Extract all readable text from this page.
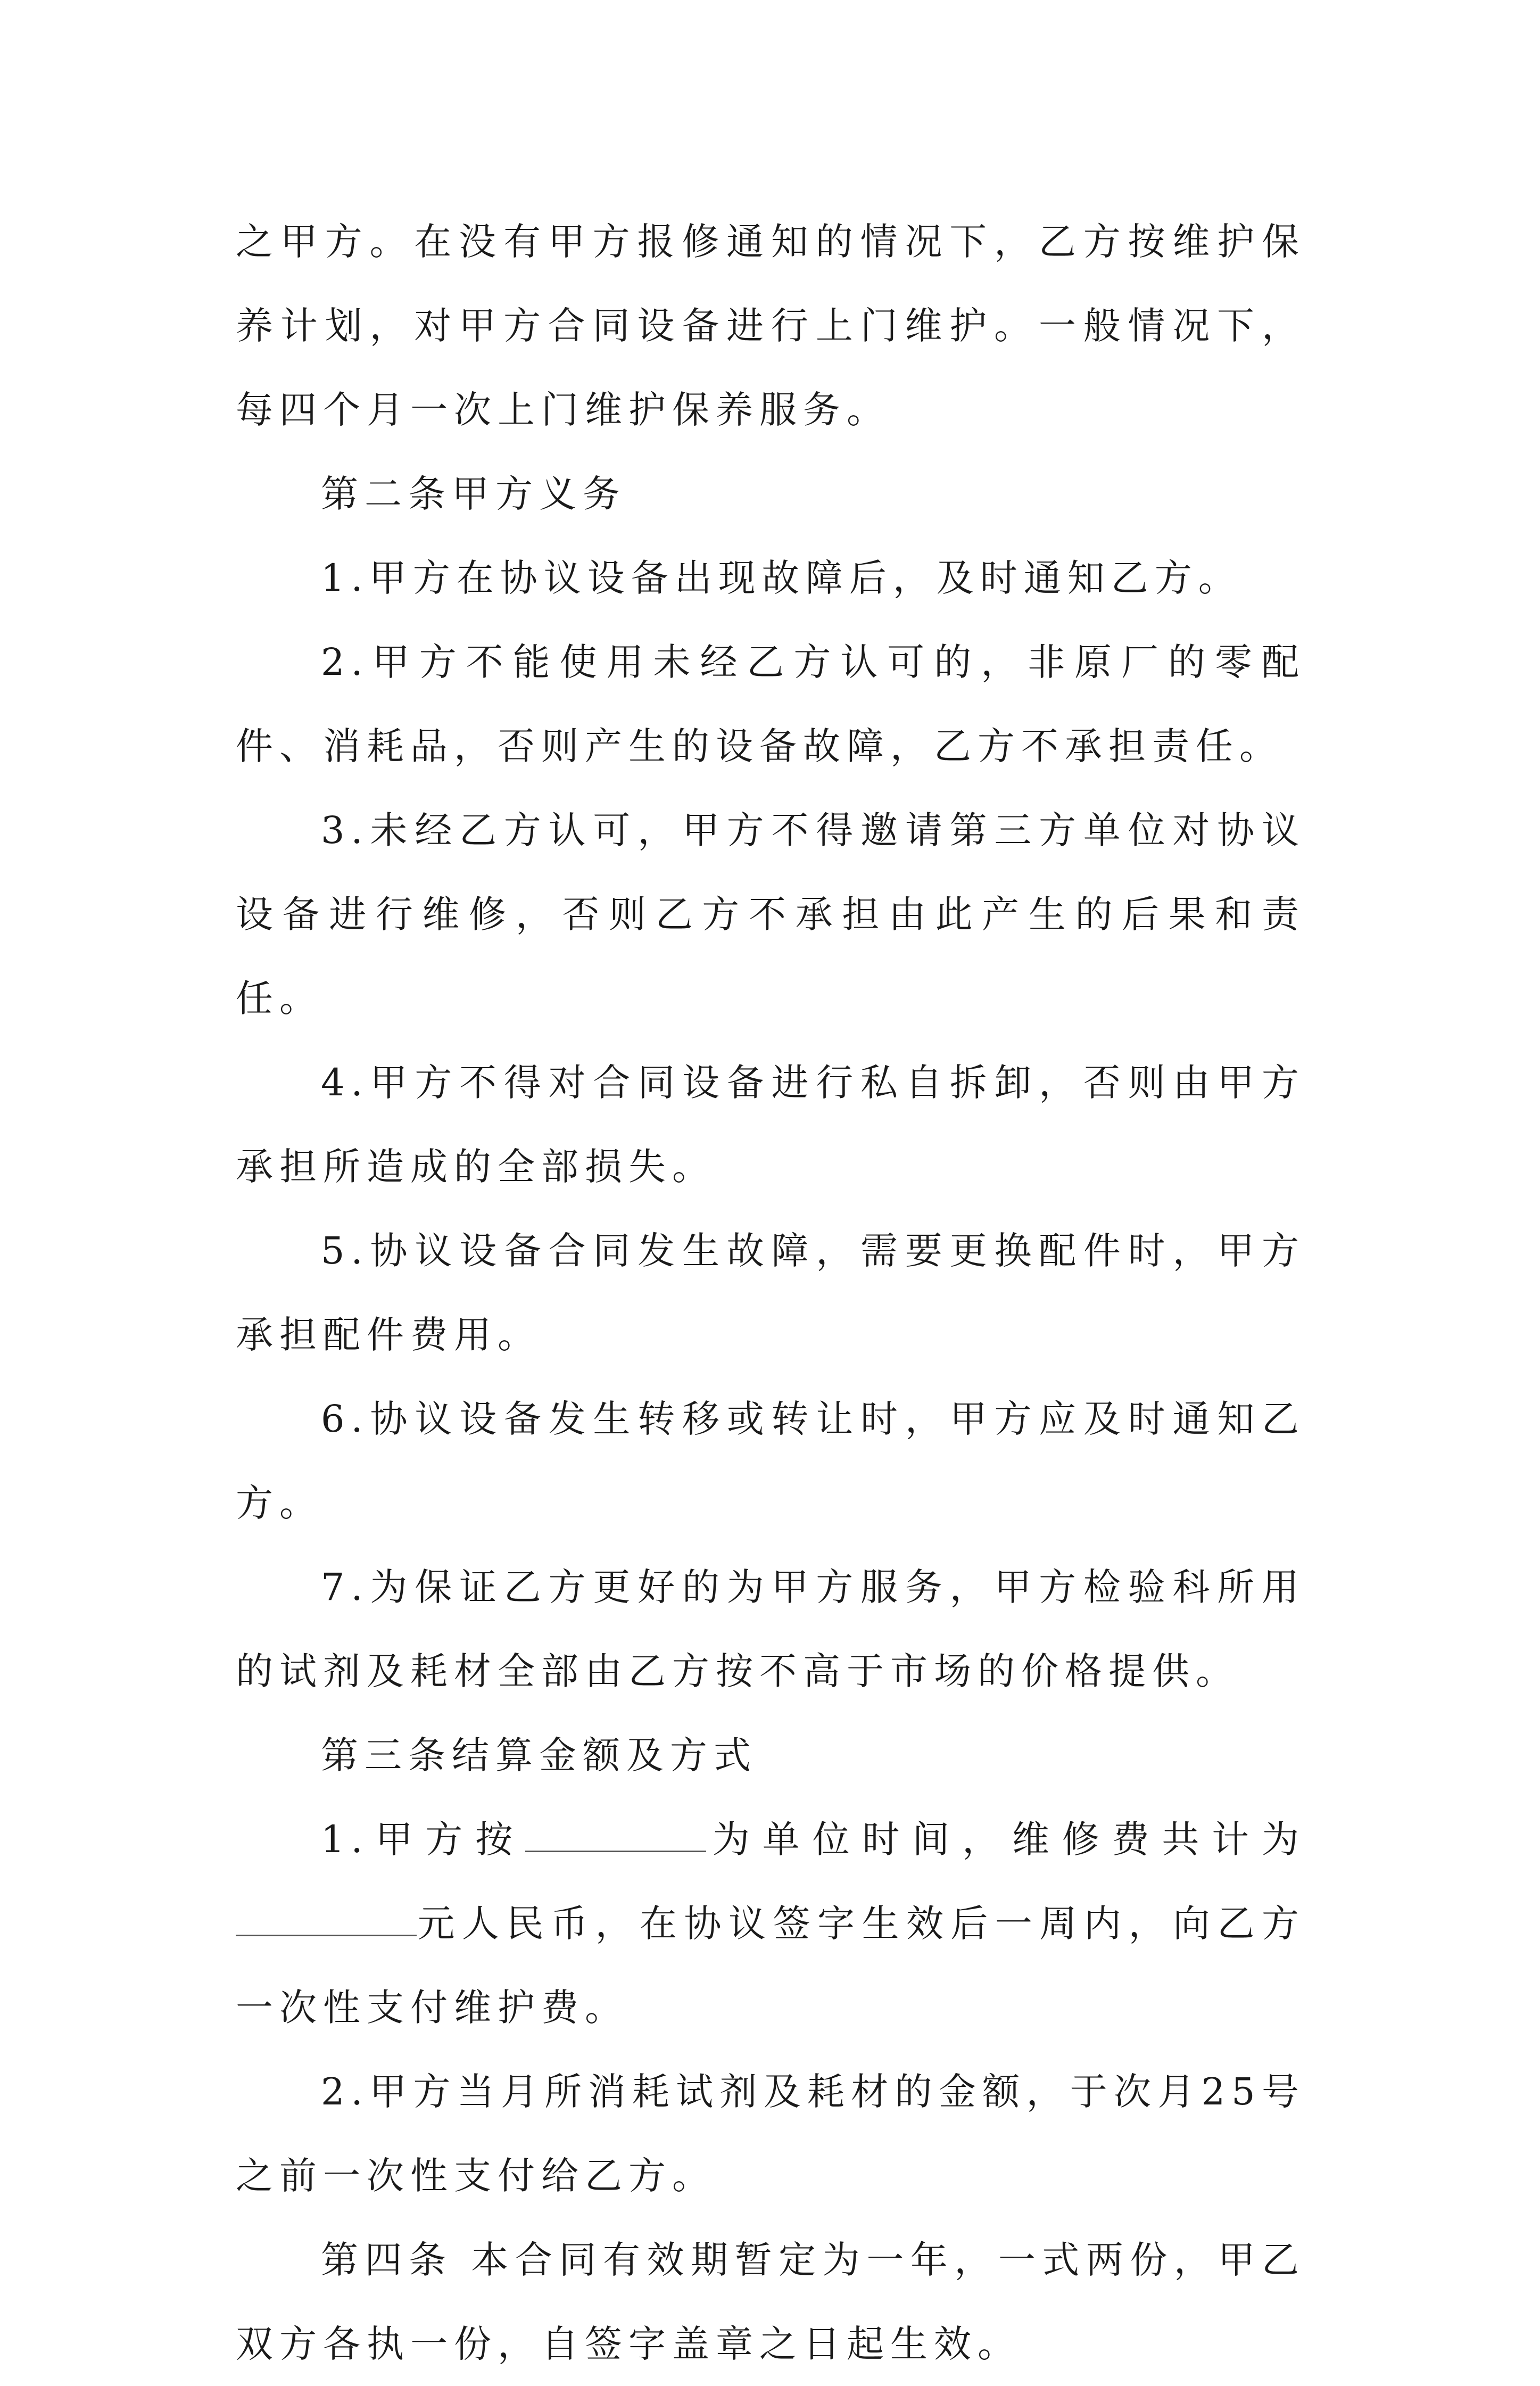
之甲方。在没有甲方报修通知的情况下，乙方按维护保养计划，对甲方合同设备进行上门维护。一般情况下，每四个月一次上门维护保养服务。

第二条甲方义务

1.甲方在协议设备出现故障后，及时通知乙方。

2.甲方不能使用未经乙方认可的，非原厂的零配件、消耗品，否则产生的设备故障，乙方不承担责任。

3.未经乙方认可，甲方不得邀请第三方单位对协议设备进行维修，否则乙方不承担由此产生的后果和责任。

4.甲方不得对合同设备进行私自拆卸，否则由甲方承担所造成的全部损失。

5.协议设备合同发生故障，需要更换配件时，甲方承担配件费用。

6.协议设备发生转移或转让时，甲方应及时通知乙方。

7.为保证乙方更好的为甲方服务，甲方检验科所用的试剂及耗材全部由乙方按不高于市场的价格提供。

第三条结算金额及方式

1.甲方按	为单位时间，维修费共计为元人民币，在协议签字生效后一周内，向乙方一次性支付维护费。

2.甲方当月所消耗试剂及耗材的金额，于次月25号之前一次性支付给乙方。

第四条 本合同有效期暂定为一年，一式两份，甲乙双方各执一份，自签字盖章之日起生效。
